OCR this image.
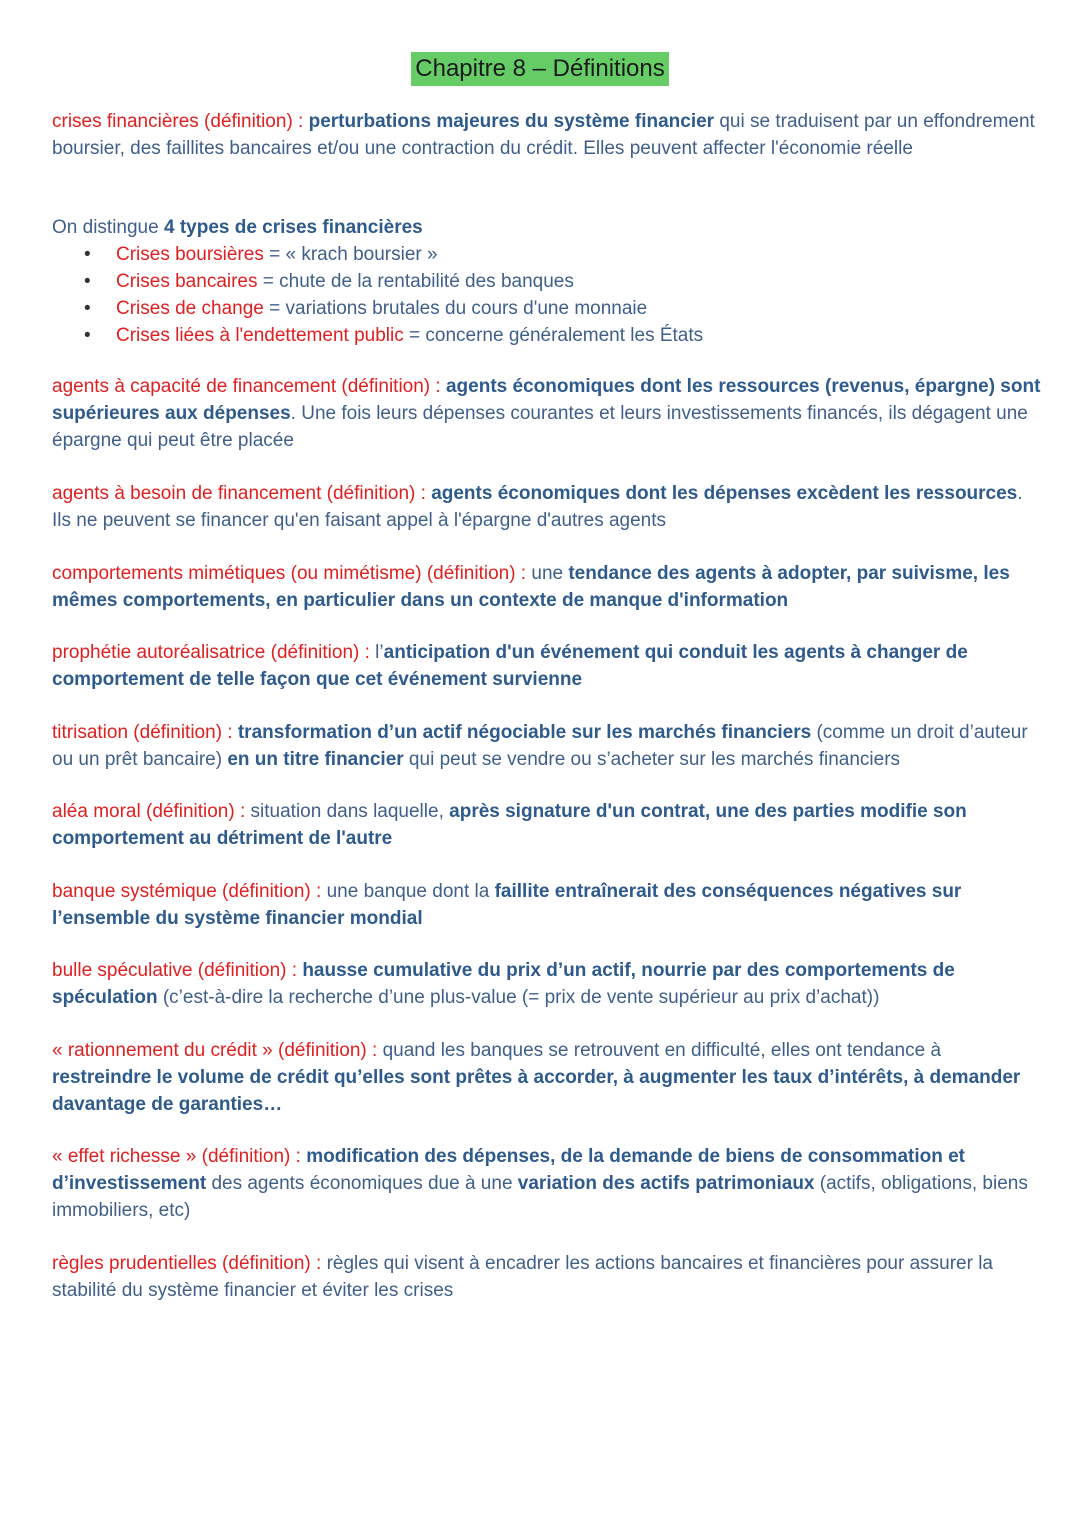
Chapitre 8 – Définitions

crises financières (définition) : perturbations majeures du système financier qui se traduisent par un effondrement boursier, des faillites bancaires et/ou une contraction du crédit. Elles peuvent affecter l'économie réelle

On distingue 4 types de crises financières
• Crises boursières = « krach boursier »
• Crises bancaires = chute de la rentabilité des banques
• Crises de change = variations brutales du cours d'une monnaie
• Crises liées à l'endettement public = concerne généralement les États

agents à capacité de financement (définition) : agents économiques dont les ressources (revenus, épargne) sont supérieures aux dépenses. Une fois leurs dépenses courantes et leurs investissements financés, ils dégagent une épargne qui peut être placée

agents à besoin de financement (définition) : agents économiques dont les dépenses excèdent les ressources. Ils ne peuvent se financer qu'en faisant appel à l'épargne d'autres agents

comportements mimétiques (ou mimétisme) (définition) : une tendance des agents à adopter, par suivisme, les mêmes comportements, en particulier dans un contexte de manque d'information

prophétie autoréalisatrice (définition) : l’anticipation d'un événement qui conduit les agents à changer de comportement de telle façon que cet événement survienne

titrisation (définition) : transformation d’un actif négociable sur les marchés financiers (comme un droit d’auteur ou un prêt bancaire) en un titre financier qui peut se vendre ou s’acheter sur les marchés financiers

aléa moral (définition) : situation dans laquelle, après signature d'un contrat, une des parties modifie son comportement au détriment de l'autre

banque systémique (définition) : une banque dont la faillite entraînerait des conséquences négatives sur l’ensemble du système financier mondial

bulle spéculative (définition) : hausse cumulative du prix d’un actif, nourrie par des comportements de spéculation (c’est-à-dire la recherche d’une plus-value (= prix de vente supérieur au prix d’achat))

« rationnement du crédit » (définition) : quand les banques se retrouvent en difficulté, elles ont tendance à restreindre le volume de crédit qu’elles sont prêtes à accorder, à augmenter les taux d’intérêts, à demander davantage de garanties…

« effet richesse » (définition) : modification des dépenses, de la demande de biens de consommation et d’investissement des agents économiques due à une variation des actifs patrimoniaux (actifs, obligations, biens immobiliers, etc)

règles prudentielles (définition) : règles qui visent à encadrer les actions bancaires et financières pour assurer la stabilité du système financier et éviter les crises
